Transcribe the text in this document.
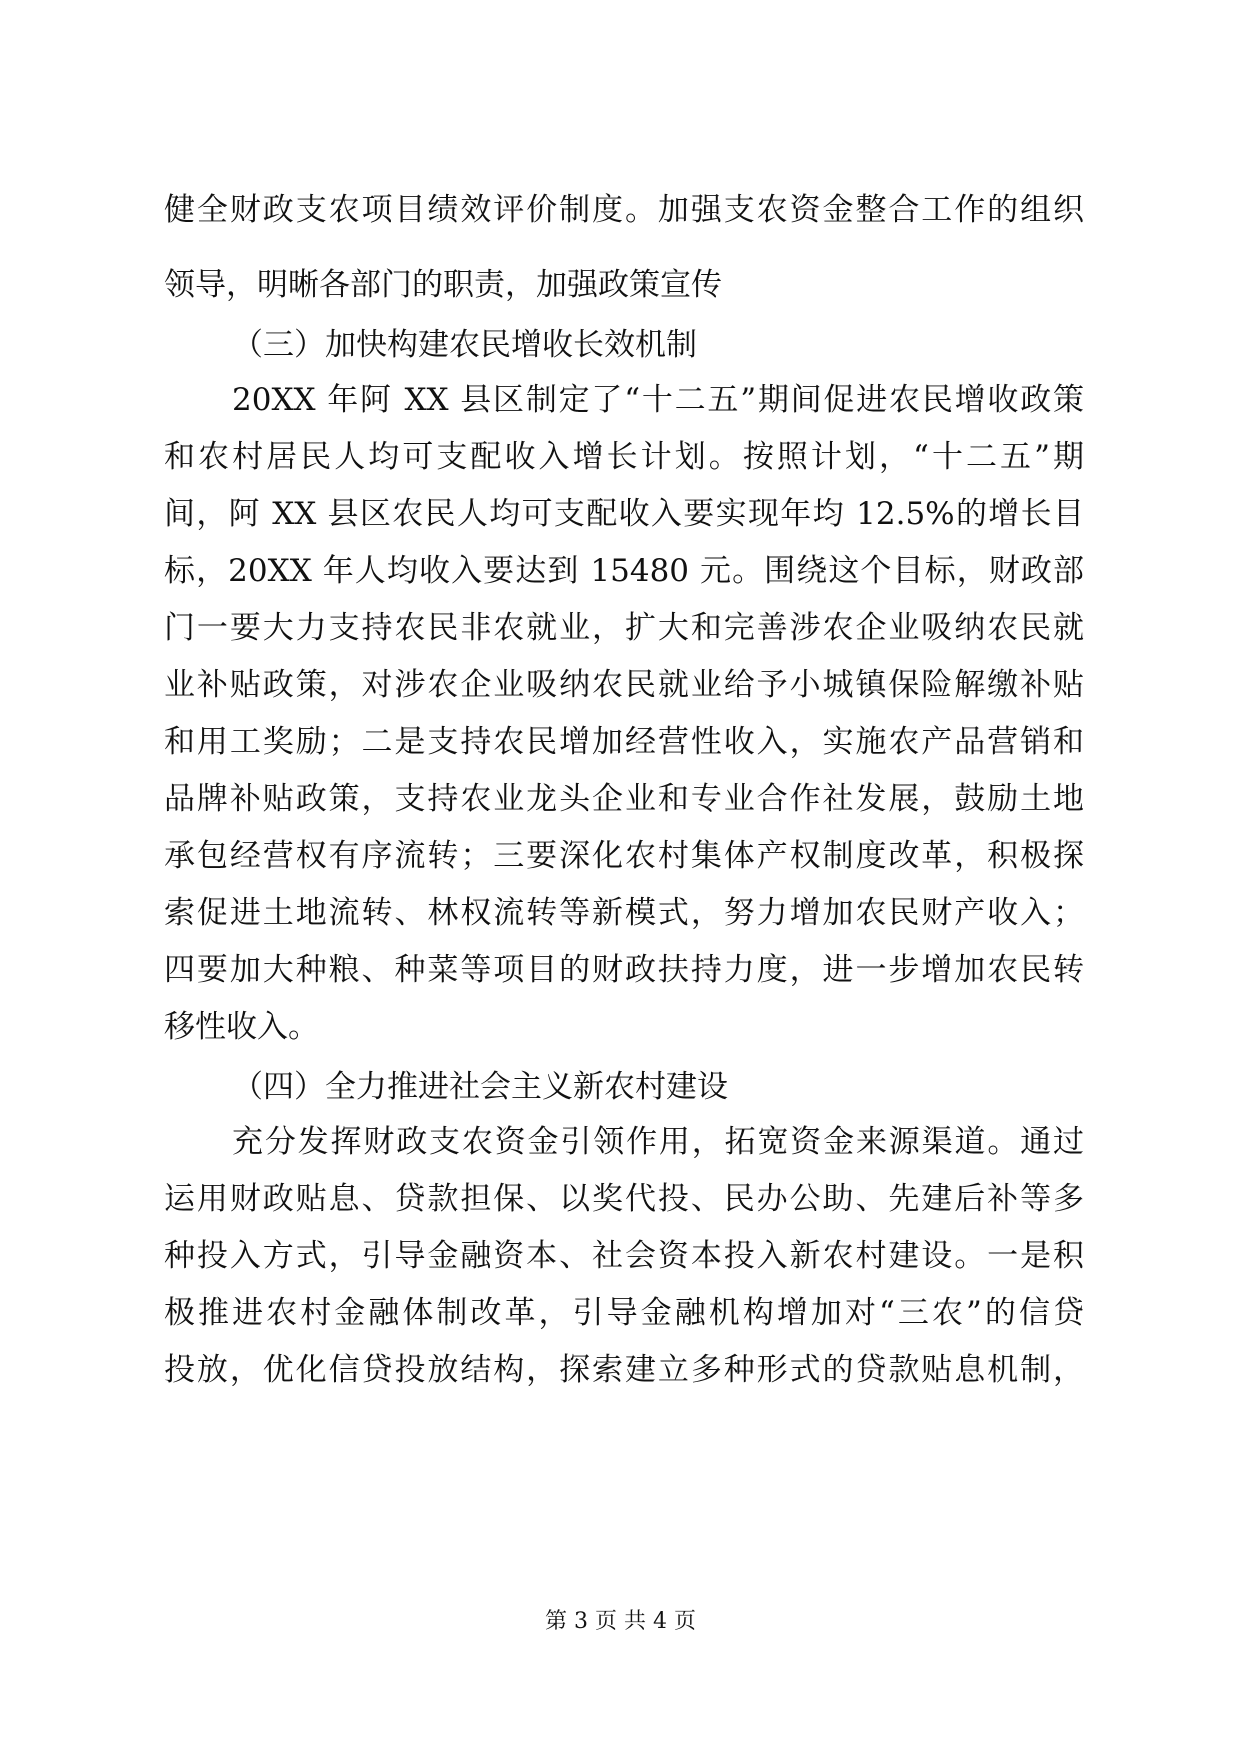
健全财政支农项目绩效评价制度。加强支农资金整合工作的组织
领导，明晰各部门的职责，加强政策宣传
（三）加快构建农民增收长效机制
20XX 年阿 XX 县区制定了“十二五”期间促进农民增收政策
和农村居民人均可支配收入增长计划。按照计划，“十二五”期
间，阿 XX 县区农民人均可支配收入要实现年均 12.5%的增长目
标，20XX 年人均收入要达到 15480 元。围绕这个目标，财政部
门一要大力支持农民非农就业，扩大和完善涉农企业吸纳农民就
业补贴政策，对涉农企业吸纳农民就业给予小城镇保险解缴补贴
和用工奖励；二是支持农民增加经营性收入，实施农产品营销和
品牌补贴政策，支持农业龙头企业和专业合作社发展，鼓励土地
承包经营权有序流转；三要深化农村集体产权制度改革，积极探
索促进土地流转、林权流转等新模式，努力增加农民财产收入；
四要加大种粮、种菜等项目的财政扶持力度，进一步增加农民转
移性收入。
（四）全力推进社会主义新农村建设
充分发挥财政支农资金引领作用，拓宽资金来源渠道。通过
运用财政贴息、贷款担保、以奖代投、民办公助、先建后补等多
种投入方式，引导金融资本、社会资本投入新农村建设。一是积
极推进农村金融体制改革，引导金融机构增加对“三农”的信贷
投放，优化信贷投放结构，探索建立多种形式的贷款贴息机制，
第 3 页 共 4 页
